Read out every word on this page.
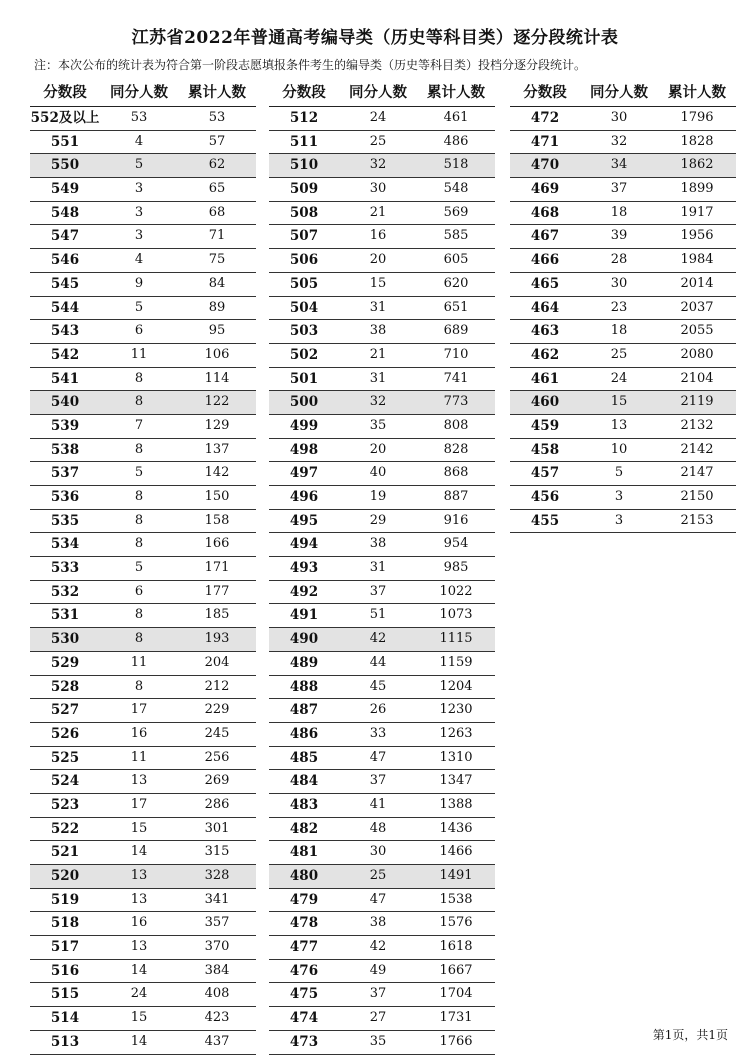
江苏省2022年普通高考编导类（历史等科目类）逐分段统计表
注：本次公布的统计表为符合第一阶段志愿填报条件考生的编导类（历史等科目类）投档分逐分段统计。
分数段	同分人数	累计人数
552及以上	53	53
551	4	57
550	5	62
549	3	65
548	3	68
547	3	71
546	4	75
545	9	84
544	5	89
543	6	95
542	11	106
541	8	114
540	8	122
539	7	129
538	8	137
537	5	142
536	8	150
535	8	158
534	8	166
533	5	171
532	6	177
531	8	185
530	8	193
529	11	204
528	8	212
527	17	229
526	16	245
525	11	256
524	13	269
523	17	286
522	15	301
521	14	315
520	13	328
519	13	341
518	16	357
517	13	370
516	14	384
515	24	408
514	15	423
513	14	437
分数段	同分人数	累计人数
512	24	461
511	25	486
510	32	518
509	30	548
508	21	569
507	16	585
506	20	605
505	15	620
504	31	651
503	38	689
502	21	710
501	31	741
500	32	773
499	35	808
498	20	828
497	40	868
496	19	887
495	29	916
494	38	954
493	31	985
492	37	1022
491	51	1073
490	42	1115
489	44	1159
488	45	1204
487	26	1230
486	33	1263
485	47	1310
484	37	1347
483	41	1388
482	48	1436
481	30	1466
480	25	1491
479	47	1538
478	38	1576
477	42	1618
476	49	1667
475	37	1704
474	27	1731
473	35	1766
分数段	同分人数	累计人数
472	30	1796
471	32	1828
470	34	1862
469	37	1899
468	18	1917
467	39	1956
466	28	1984
465	30	2014
464	23	2037
463	18	2055
462	25	2080
461	24	2104
460	15	2119
459	13	2132
458	10	2142
457	5	2147
456	3	2150
455	3	2153
第1页，共1页
